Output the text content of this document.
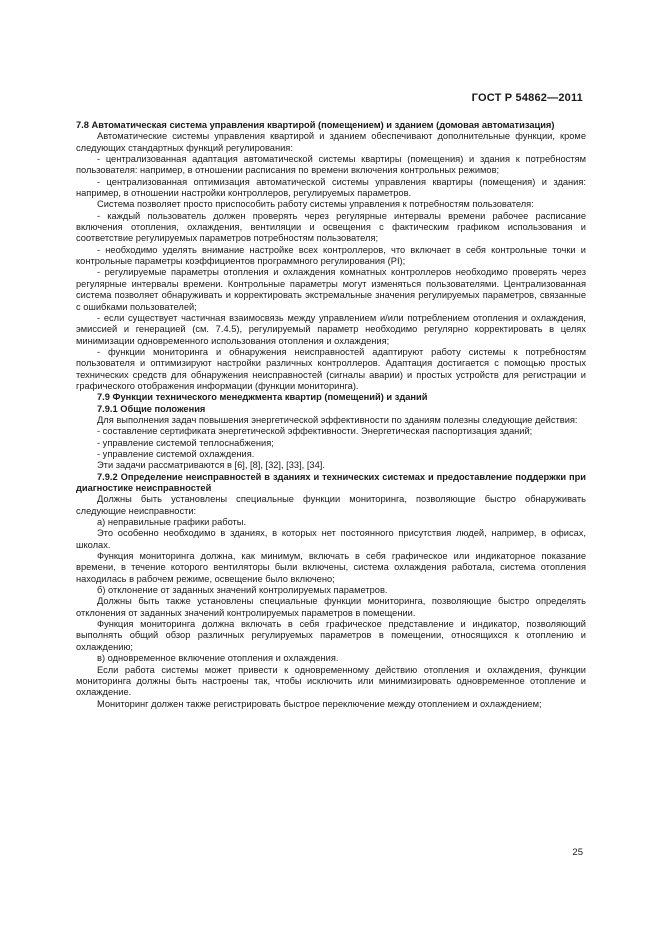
ГОСТ Р 54862—2011

7.8 Автоматическая система управления квартирой (помещением) и зданием (домовая автоматизация)

Автоматические системы управления квартирой и зданием обеспечивают дополнительные функции, кроме следующих стандартных функций регулирования:

- централизованная адаптация автоматической системы квартиры (помещения) и здания к потребностям пользователя: например, в отношении расписания по времени включения контрольных режимов;

- централизованная оптимизация автоматической системы управления квартиры (помещения) и здания: например, в отношении настройки контроллеров, регулируемых параметров.

Система позволяет просто приспособить работу системы управления к потребностям пользователя:

- каждый пользователь должен проверять через регулярные интервалы времени рабочее расписание включения отопления, охлаждения, вентиляции и освещения с фактическим графиком использования и соответствие регулируемых параметров потребностям пользователя;

- необходимо уделять внимание настройке всех контроллеров, что включает в себя контрольные точки и контрольные параметры коэффициентов программного регулирования (PI);

- регулируемые параметры отопления и охлаждения комнатных контроллеров необходимо проверять через регулярные интервалы времени. Контрольные параметры могут изменяться пользователями. Централизованная система позволяет обнаруживать и корректировать экстремальные значения регулируемых параметров, связанные с ошибками пользователей;

- если существует частичная взаимосвязь между управлением и/или потреблением отопления и охлаждения, эмиссией и генерацией (см. 7.4.5), регулируемый параметр необходимо регулярно корректировать в целях минимизации одновременного использования отопления и охлаждения;

- функции мониторинга и обнаружения неисправностей адаптируют работу системы к потребностям пользователя и оптимизируют настройки различных контроллеров. Адаптация достигается с помощью простых технических средств для обнаружения неисправностей (сигналы аварии) и простых устройств для регистрации и графического отображения информации (функции мониторинга).

7.9 Функции технического менеджмента квартир (помещений) и зданий

7.9.1 Общие положения

Для выполнения задач повышения энергетической эффективности по зданиям полезны следующие действия:

- составление сертификата энергетической эффективности. Энергетическая паспортизация зданий;

- управление системой теплоснабжения;

- управление системой охлаждения.

Эти задачи рассматриваются в [6], [8], [32], [33], [34].

7.9.2 Определение неисправностей в зданиях и технических системах и предоставление поддержки при диагностике неисправностей

Должны быть установлены специальные функции мониторинга, позволяющие быстро обнаруживать следующие неисправности:

а) неправильные графики работы.

Это особенно необходимо в зданиях, в которых нет постоянного присутствия людей, например, в офисах, школах.

Функция мониторинга должна, как минимум, включать в себя графическое или индикаторное показание времени, в течение которого вентиляторы были включены, система охлаждения работала, система отопления находилась в рабочем режиме, освещение было включено;

б) отклонение от заданных значений контролируемых параметров.

Должны быть также установлены специальные функции мониторинга, позволяющие быстро определять отклонения от заданных значений контролируемых параметров в помещении.

Функция мониторинга должна включать в себя графическое представление и индикатор, позволяющий выполнять общий обзор различных регулируемых параметров в помещении, относящихся к отоплению и охлаждению;

в) одновременное включение отопления и охлаждения.

Если работа системы может привести к одновременному действию отопления и охлаждения, функции мониторинга должны быть настроены так, чтобы исключить или минимизировать одновременное отопление и охлаждение.

Мониторинг должен также регистрировать быстрое переключение между отоплением и охлаждением;

25
